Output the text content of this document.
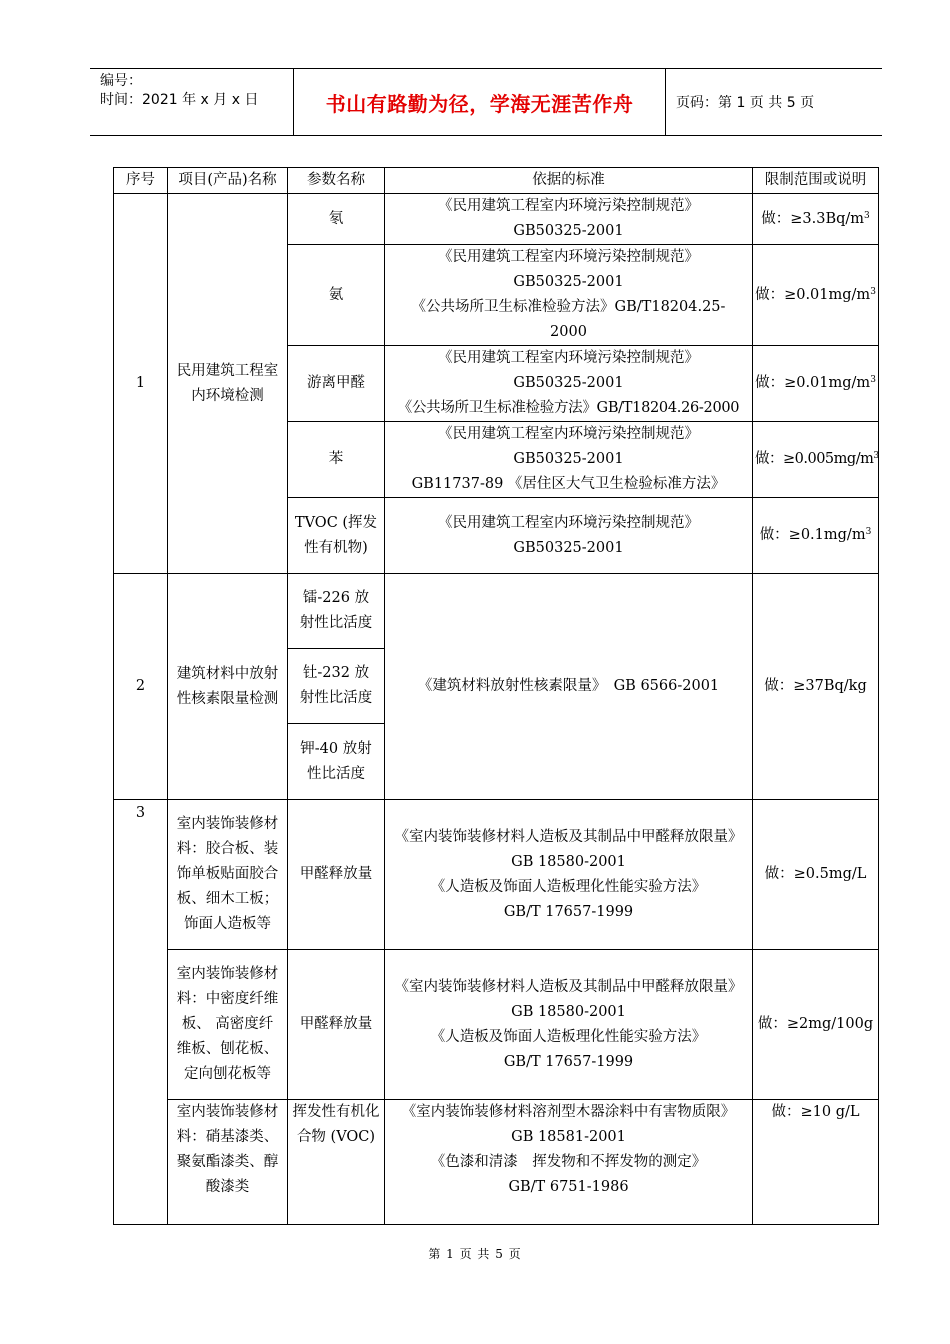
编号：
时间：2021 年 x 月 x 日	书山有路勤为径，学海无涯苦作舟	页码：第 1 页 共 5 页
序号	项目(产品)名称	参数名称	依据的标准	限制范围或说明
1	民用建筑工程室内环境检测	氡	《民用建筑工程室内环境污染控制规范》
GB50325-2001	做：$\ge 3.3Bq/m^3$
		氨	《民用建筑工程室内环境污染控制规范》
GB50325-2001
《公共场所卫生标准检验方法》GB/T18204.25-
2000	做：$\ge 0.01mg/m^3$
		游离甲醛	《民用建筑工程室内环境污染控制规范》
GB50325-2001
《公共场所卫生标准检验方法》GB/T18204.26-2000	做：$\ge 0.01mg/m^3$
		苯	《民用建筑工程室内环境污染控制规范》
GB50325-2001
GB11737-89 《居住区大气卫生检验标准方法》	做：$\ge 0.005mg/m^3$
		TVOC (挥发性有机物)	《民用建筑工程室内环境污染控制规范》
GB50325-2001	做：$\ge 0.1mg/m^3$
2	建筑材料中放射性核素限量检测	镭-226 放射性比活度	《建筑材料放射性核素限量》　GB 6566-2001	做：≥37Bq/kg
		钍-232 放射性比活度		
		钾-40 放射性比活度		
3	室内装饰装修材料：胶合板、装饰单板贴面胶合板、细木工板；饰面人造板等	甲醛释放量	《室内装饰装修材料人造板及其制品中甲醛释放限量》
GB 18580-2001
《人造板及饰面人造板理化性能实验方法》
GB/T 17657-1999	做：≥0.5mg/L
	室内装饰装修材料：中密度纤维板、 高密度纤维板、刨花板、定向刨花板等	甲醛释放量	《室内装饰装修材料人造板及其制品中甲醛释放限量》
GB 18580-2001
《人造板及饰面人造板理化性能实验方法》
GB/T 17657-1999	做：≥2mg/100g
	室内装饰装修材料：硝基漆类、 聚氨酯漆类、醇酸漆类	挥发性有机化合物 (VOC)	《室内装饰装修材料溶剂型木器涂料中有害物质限》
GB 18581-2001
《色漆和清漆　挥发物和不挥发物的测定》
GB/T 6751-1986	做：≥10 g/L
第 1 页 共 5 页
